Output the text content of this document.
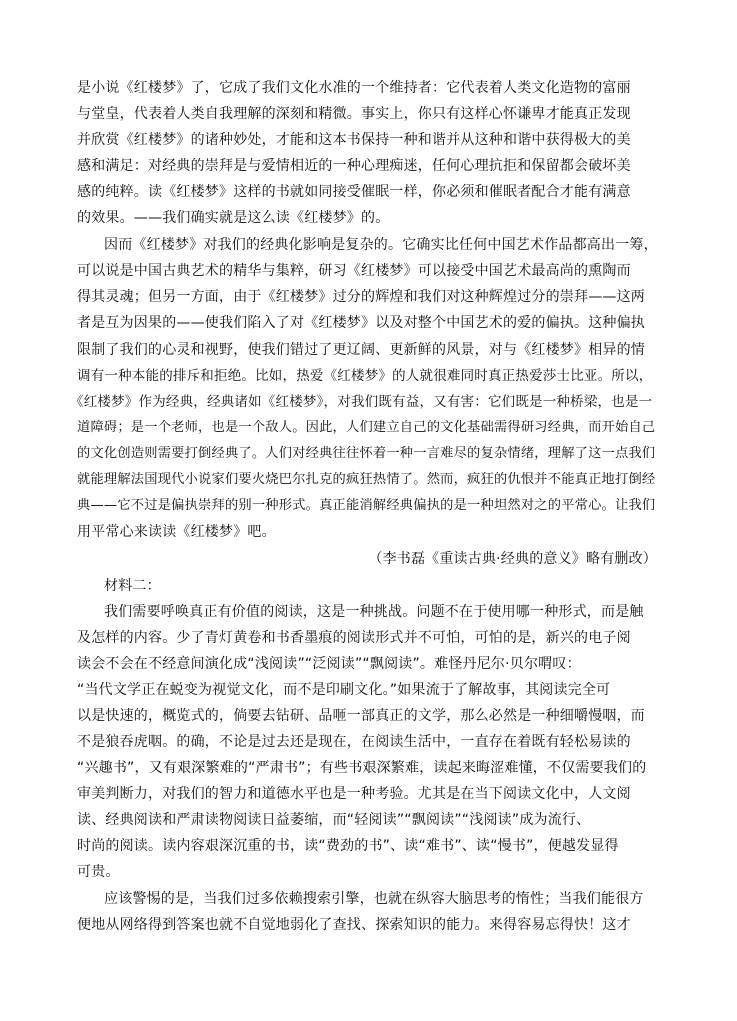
是小说《红楼梦》了，它成了我们文化水准的一个维持者：它代表着人类文化造物的富丽
与堂皇，代表着人类自我理解的深刻和精微。事实上，你只有这样心怀谦卑才能真正发现
并欣赏《红楼梦》的诸种妙处，才能和这本书保持一种和谐并从这种和谐中获得极大的美
感和满足：对经典的崇拜是与爱情相近的一种心理痴迷，任何心理抗拒和保留都会破坏美
感的纯粹。读《红楼梦》这样的书就如同接受催眠一样，你必须和催眠者配合才能有满意
的效果。——我们确实就是这么读《红楼梦》的。
因而《红楼梦》对我们的经典化影响是复杂的。它确实比任何中国艺术作品都高出一筹，
可以说是中国古典艺术的精华与集粹，研习《红楼梦》可以接受中国艺术最高尚的熏陶而
得其灵魂；但另一方面，由于《红楼梦》过分的辉煌和我们对这种辉煌过分的崇拜——这两
者是互为因果的——使我们陷入了对《红楼梦》以及对整个中国艺术的爱的偏执。这种偏执
限制了我们的心灵和视野，使我们错过了更辽阔、更新鲜的风景，对与《红楼梦》相异的情
调有一种本能的排斥和拒绝。比如，热爱《红楼梦》的人就很难同时真正热爱莎士比亚。所以，
《红楼梦》作为经典，经典诸如《红楼梦》，对我们既有益，又有害：它们既是一种桥梁，也是一
道障碍；是一个老师，也是一个敌人。因此，人们建立自己的文化基础需得研习经典，而开始自己
的文化创造则需要打倒经典了。人们对经典往往怀着一种一言难尽的复杂情绪，理解了这一点我们
就能理解法国现代小说家们要火烧巴尔扎克的疯狂热情了。然而，疯狂的仇恨并不能真正地打倒经
典——它不过是偏执崇拜的别一种形式。真正能消解经典偏执的是一种坦然对之的平常心。让我们
用平常心来读读《红楼梦》吧。
（李书磊《重读古典·经典的意义》略有删改）
材料二：
我们需要呼唤真正有价值的阅读，这是一种挑战。问题不在于使用哪一种形式，而是触
及怎样的内容。少了青灯黄卷和书香墨痕的阅读形式并不可怕，可怕的是，新兴的电子阅
读会不会在不经意间演化成“浅阅读”“泛阅读”“飘阅读”。难怪丹尼尔·贝尔喟叹：
“当代文学正在蜕变为视觉文化，而不是印刷文化。”如果流于了解故事，其阅读完全可
以是快速的，概览式的，倘要去钻研、品咂一部真正的文学，那么必然是一种细嚼慢咽，而
不是狼吞虎咽。的确，不论是过去还是现在，在阅读生活中，一直存在着既有轻松易读的
“兴趣书”，又有艰深繁难的“严肃书”；有些书艰深繁难，读起来晦涩难懂，不仅需要我们的
审美判断力，对我们的智力和道德水平也是一种考验。尤其是在当下阅读文化中，人文阅
读、经典阅读和严肃读物阅读日益萎缩，而“轻阅读”“飘阅读”“浅阅读”成为流行、
时尚的阅读。读内容艰深沉重的书，读“费劲的书”、读“难书”、读“慢书”，便越发显得
可贵。
应该警惕的是，当我们过多依赖搜索引擎，也就在纵容大脑思考的惰性；当我们能很方
便地从网络得到答案也就不自觉地弱化了查找、探索知识的能力。来得容易忘得快！这才
